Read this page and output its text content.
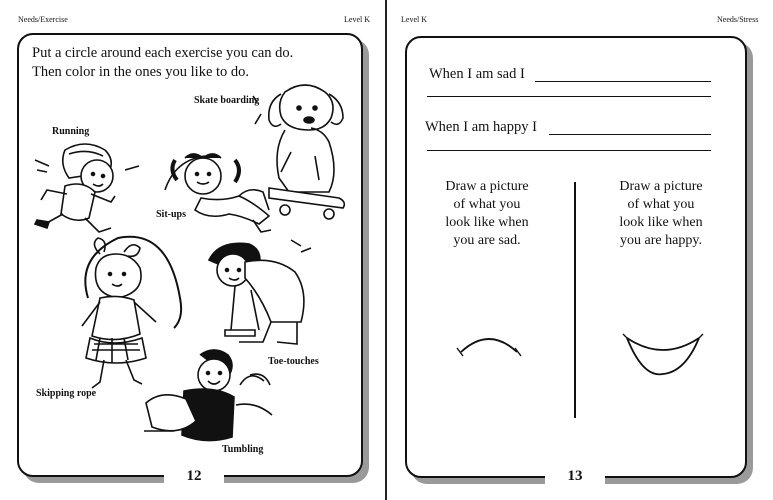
Needs/Exercise	Level K
Put a circle around each exercise you can do.
Then color in the ones you like to do.
Skate boarding
Running
Sit-ups
Toe-touches
Skipping rope
Tumbling
12
Level K	Needs/Stress
When I am sad I
When I am happy I
Draw a picture
of what you
look like when
you are sad.
Draw a picture
of what you
look like when
you are happy.
13
